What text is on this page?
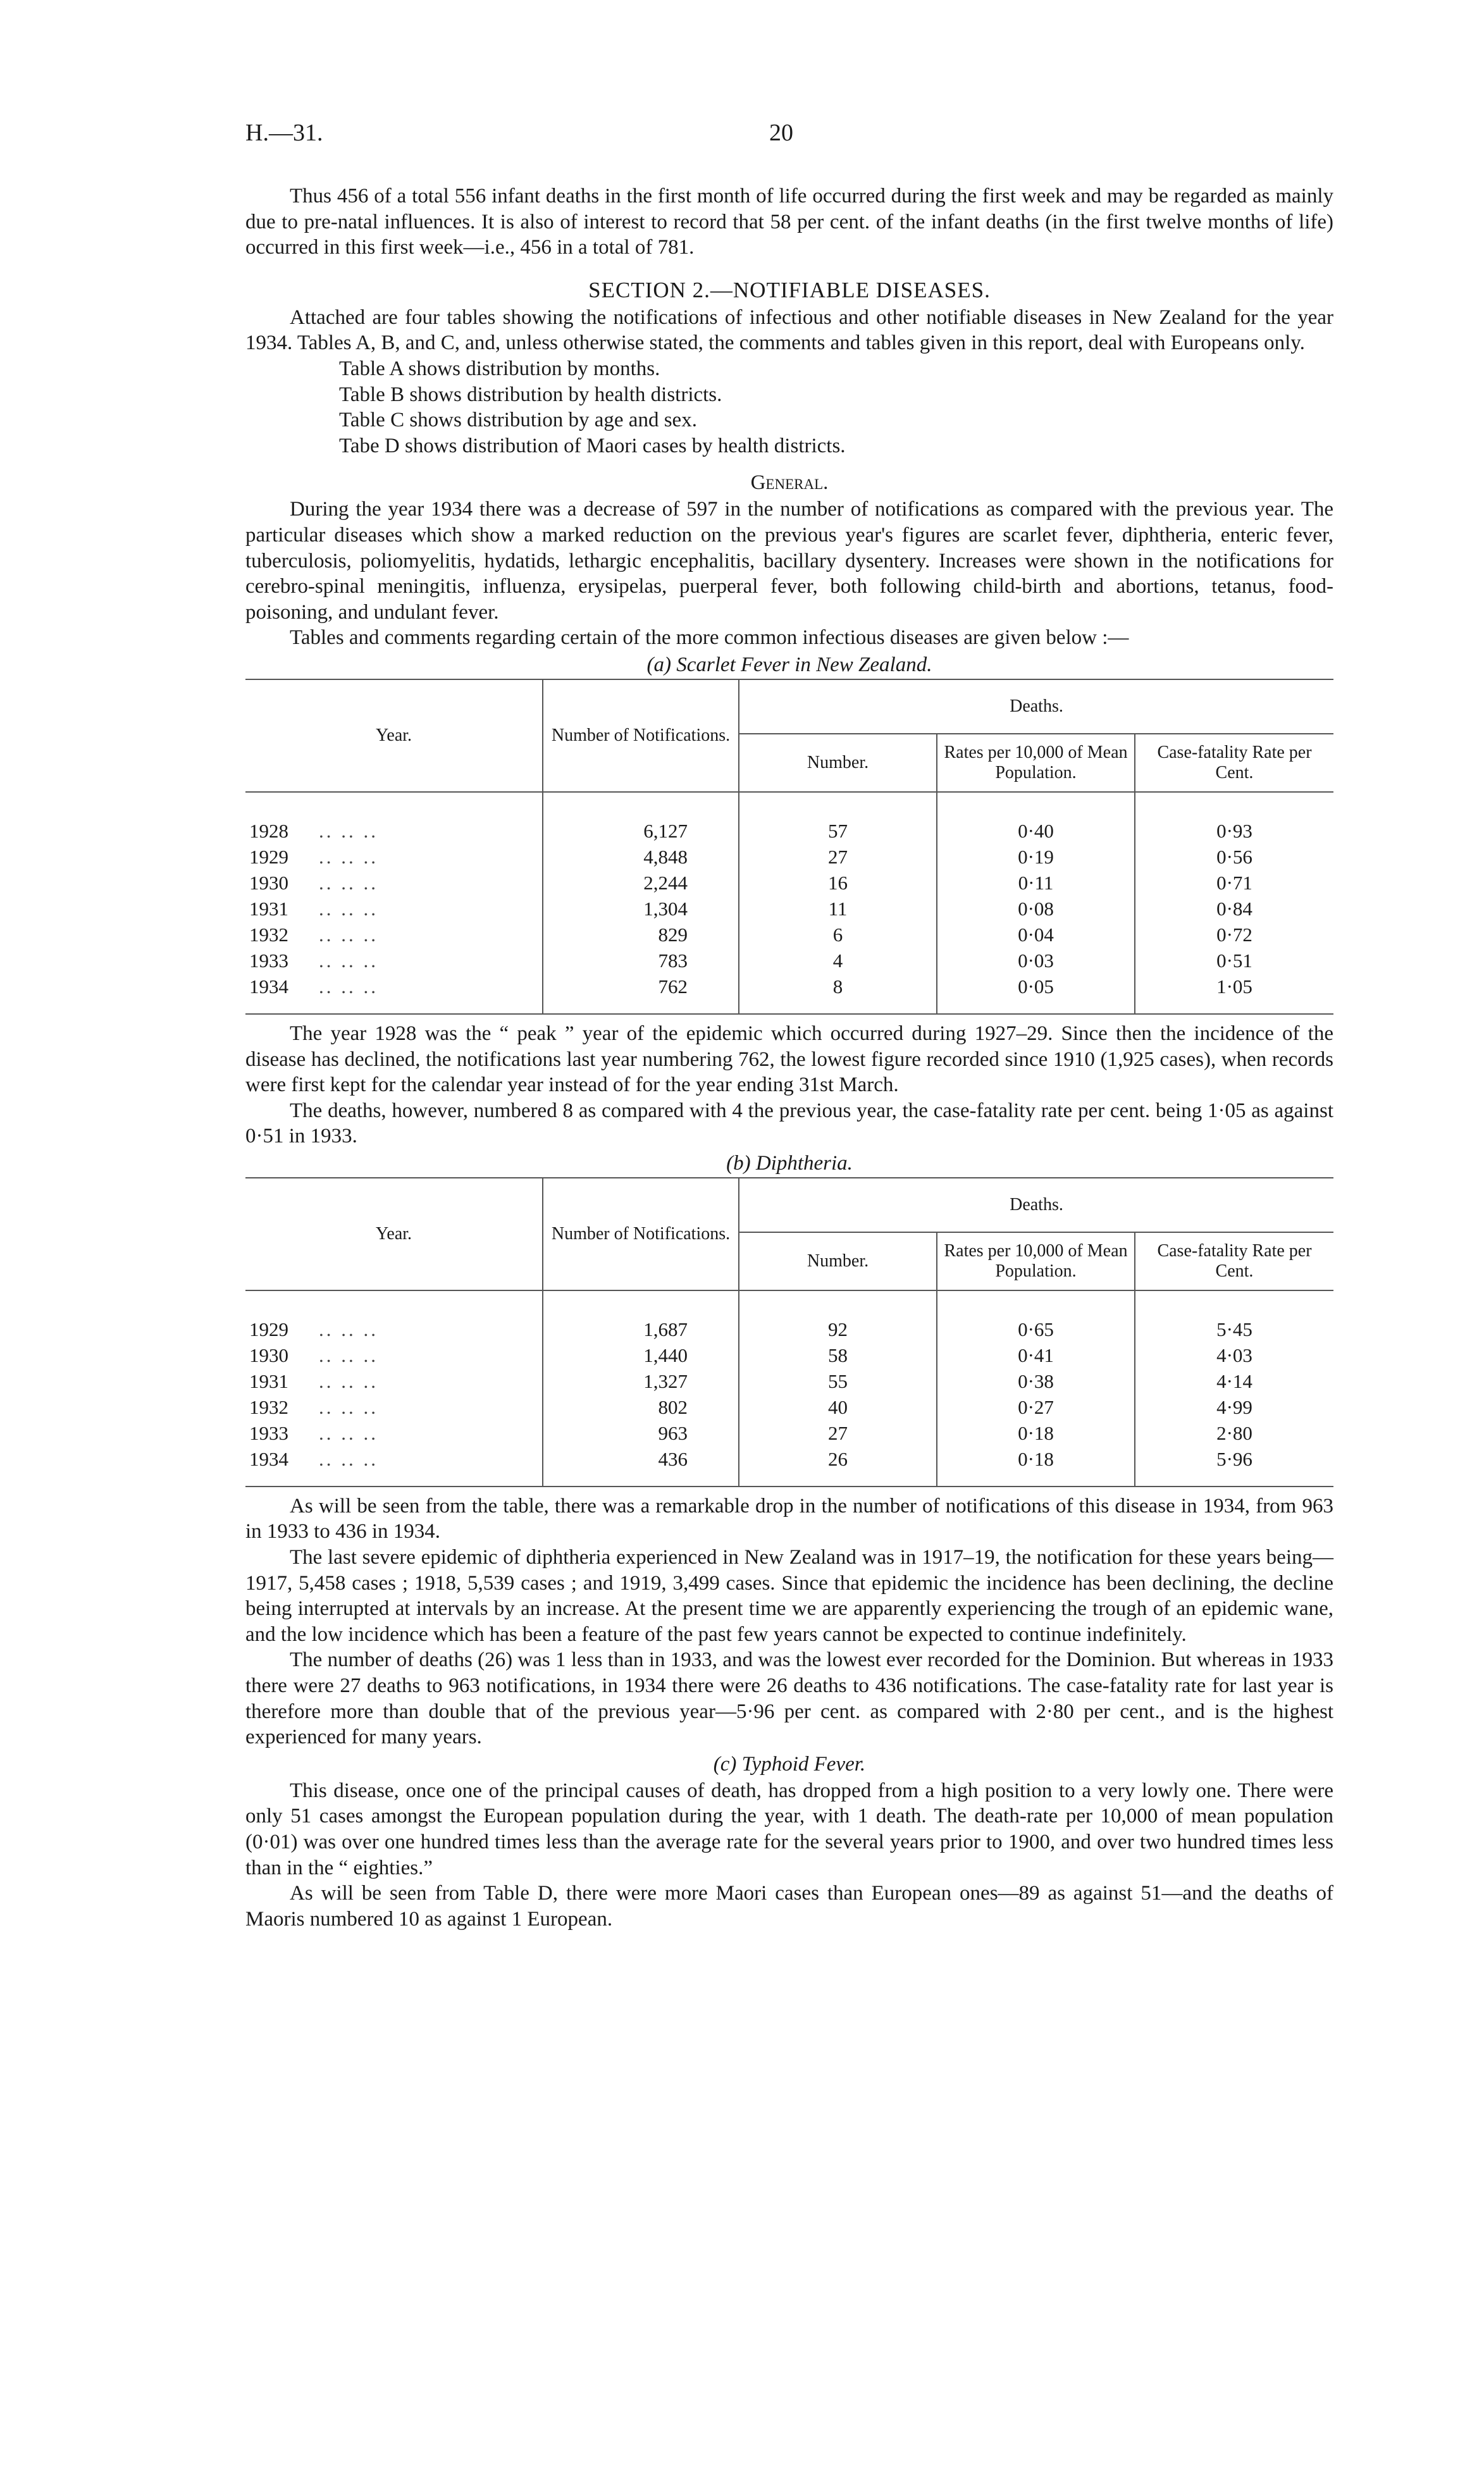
H.—31.	20

Thus 456 of a total 556 infant deaths in the first month of life occurred during the first week and may be regarded as mainly due to pre-natal influences. It is also of interest to record that 58 per cent. of the infant deaths (in the first twelve months of life) occurred in this first week—i.e., 456 in a total of 781.

SECTION 2.—NOTIFIABLE DISEASES.

Attached are four tables showing the notifications of infectious and other notifiable diseases in New Zealand for the year 1934. Tables A, B, and C, and, unless otherwise stated, the comments and tables given in this report, deal with Europeans only.

Table A shows distribution by months.
Table B shows distribution by health districts.
Table C shows distribution by age and sex.
Tabe D shows distribution of Maori cases by health districts.
General.

During the year 1934 there was a decrease of 597 in the number of notifications as compared with the previous year. The particular diseases which show a marked reduction on the previous year's figures are scarlet fever, diphtheria, enteric fever, tuberculosis, poliomyelitis, hydatids, lethargic encephalitis, bacillary dysentery. Increases were shown in the notifications for cerebro-spinal meningitis, influenza, erysipelas, puerperal fever, both following child-birth and abortions, tetanus, food-poisoning, and undulant fever.

Tables and comments regarding certain of the more common infectious diseases are given below :—

(a) Scarlet Fever in New Zealand.
Year.	Number of Notifications.	Deaths.		
		Number.	Rates per 10,000 of Mean Population.	Case-fatality Rate per Cent.

1928 .. .. ..	6,127	57	0·40	0·93
1929 .. .. ..	4,848	27	0·19	0·56
1930 .. .. ..	2,244	16	0·11	0·71
1931 .. .. ..	1,304	11	0·08	0·84
1932 .. .. ..	829	6	0·04	0·72
1933 .. .. ..	783	4	0·03	0·51
1934 .. .. ..	762	8	0·05	1·05

The year 1928 was the “ peak ” year of the epidemic which occurred during 1927–29. Since then the incidence of the disease has declined, the notifications last year numbering 762, the lowest figure recorded since 1910 (1,925 cases), when records were first kept for the calendar year instead of for the year ending 31st March.

The deaths, however, numbered 8 as compared with 4 the previous year, the case-fatality rate per cent. being 1·05 as against 0·51 in 1933.

(b) Diphtheria.
Year.	Number of Notifications.	Deaths.		
		Number.	Rates per 10,000 of Mean Population.	Case-fatality Rate per Cent.

1929 .. .. ..	1,687	92	0·65	5·45
1930 .. .. ..	1,440	58	0·41	4·03
1931 .. .. ..	1,327	55	0·38	4·14
1932 .. .. ..	802	40	0·27	4·99
1933 .. .. ..	963	27	0·18	2·80
1934 .. .. ..	436	26	0·18	5·96

As will be seen from the table, there was a remarkable drop in the number of notifications of this disease in 1934, from 963 in 1933 to 436 in 1934.

The last severe epidemic of diphtheria experienced in New Zealand was in 1917–19, the notification for these years being—1917, 5,458 cases ; 1918, 5,539 cases ; and 1919, 3,499 cases. Since that epidemic the incidence has been declining, the decline being interrupted at intervals by an increase. At the present time we are apparently experiencing the trough of an epidemic wane, and the low incidence which has been a feature of the past few years cannot be expected to continue indefinitely.

The number of deaths (26) was 1 less than in 1933, and was the lowest ever recorded for the Dominion. But whereas in 1933 there were 27 deaths to 963 notifications, in 1934 there were 26 deaths to 436 notifications. The case-fatality rate for last year is therefore more than double that of the previous year—5·96 per cent. as compared with 2·80 per cent., and is the highest experienced for many years.

(c) Typhoid Fever.

This disease, once one of the principal causes of death, has dropped from a high position to a very lowly one. There were only 51 cases amongst the European population during the year, with 1 death. The death-rate per 10,000 of mean population (0·01) was over one hundred times less than the average rate for the several years prior to 1900, and over two hundred times less than in the “ eighties.”

As will be seen from Table D, there were more Maori cases than European ones—89 as against 51—and the deaths of Maoris numbered 10 as against 1 European.
